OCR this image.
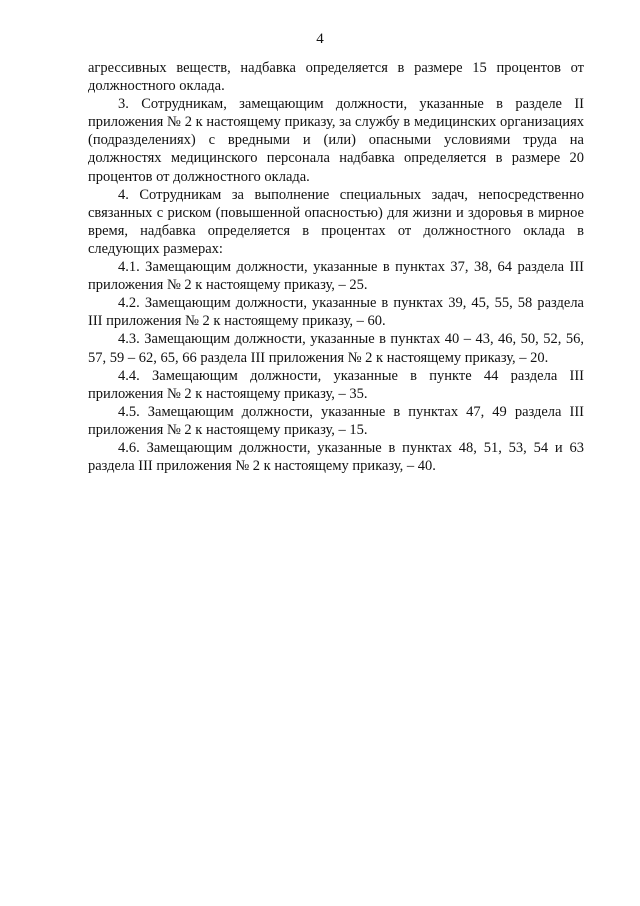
4

агрессивных веществ, надбавка определяется в размере 15 процентов от должностного оклада.

3. Сотрудникам, замещающим должности, указанные в разделе II приложения № 2 к настоящему приказу, за службу в медицинских организациях (подразделениях) с вредными и (или) опасными условиями труда на должностях медицинского персонала надбавка определяется в размере 20 процентов от должностного оклада.

4. Сотрудникам за выполнение специальных задач, непосредственно связанных с риском (повышенной опасностью) для жизни и здоровья в мирное время, надбавка определяется в процентах от должностного оклада в следующих размерах:

4.1. Замещающим должности, указанные в пунктах 37, 38, 64 раздела III приложения № 2 к настоящему приказу, – 25.

4.2. Замещающим должности, указанные в пунктах 39, 45, 55, 58 раздела III приложения № 2 к настоящему приказу, – 60.

4.3. Замещающим должности, указанные в пунктах 40 – 43, 46, 50, 52, 56, 57, 59 – 62, 65, 66 раздела III приложения № 2 к настоящему приказу, – 20.

4.4. Замещающим должности, указанные в пункте 44 раздела III приложения № 2 к настоящему приказу, – 35.

4.5. Замещающим должности, указанные в пунктах 47, 49 раздела III приложения № 2 к настоящему приказу, – 15.

4.6. Замещающим должности, указанные в пунктах 48, 51, 53, 54 и 63 раздела III приложения № 2 к настоящему приказу, – 40.
